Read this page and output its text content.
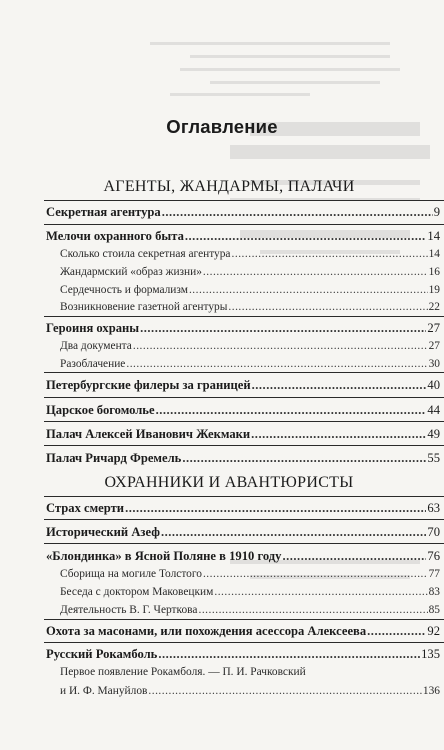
Оглавление
АГЕНТЫ, ЖАНДАРМЫ, ПАЛАЧИ
Секретная агентура .....	9
Мелочи охранного быта .....	14
Сколько стоила секретная агентура .....	14
Жандармский «образ жизни» .....	16
Сердечность и формализм .....	19
Возникновение газетной агентуры .....	22
Героиня охраны .....	27
Два документа .....	27
Разоблачение .....	30
Петербургские филеры за границей .....	40
Царское богомолье .....	44
Палач Алексей Иванович Жекмаки .....	49
Палач Ричард Фремель .....	55
ОХРАННИКИ И АВАНТЮРИСТЫ
Страх смерти .....	63
Исторический Азеф .....	70
«Блондинка» в Ясной Поляне в 1910 году .....	76
Сборища на могиле Толстого .....	77
Беседа с доктором Маковецким .....	83
Деятельность В. Г. Черткова .....	85
Охота за масонами, или похождения асессора Алексеева .....	92
Русский Рокамболь .....	135
Первое появление Рокамболя. — П. И. Рачковский
и И. Ф. Мануйлов .....	136
